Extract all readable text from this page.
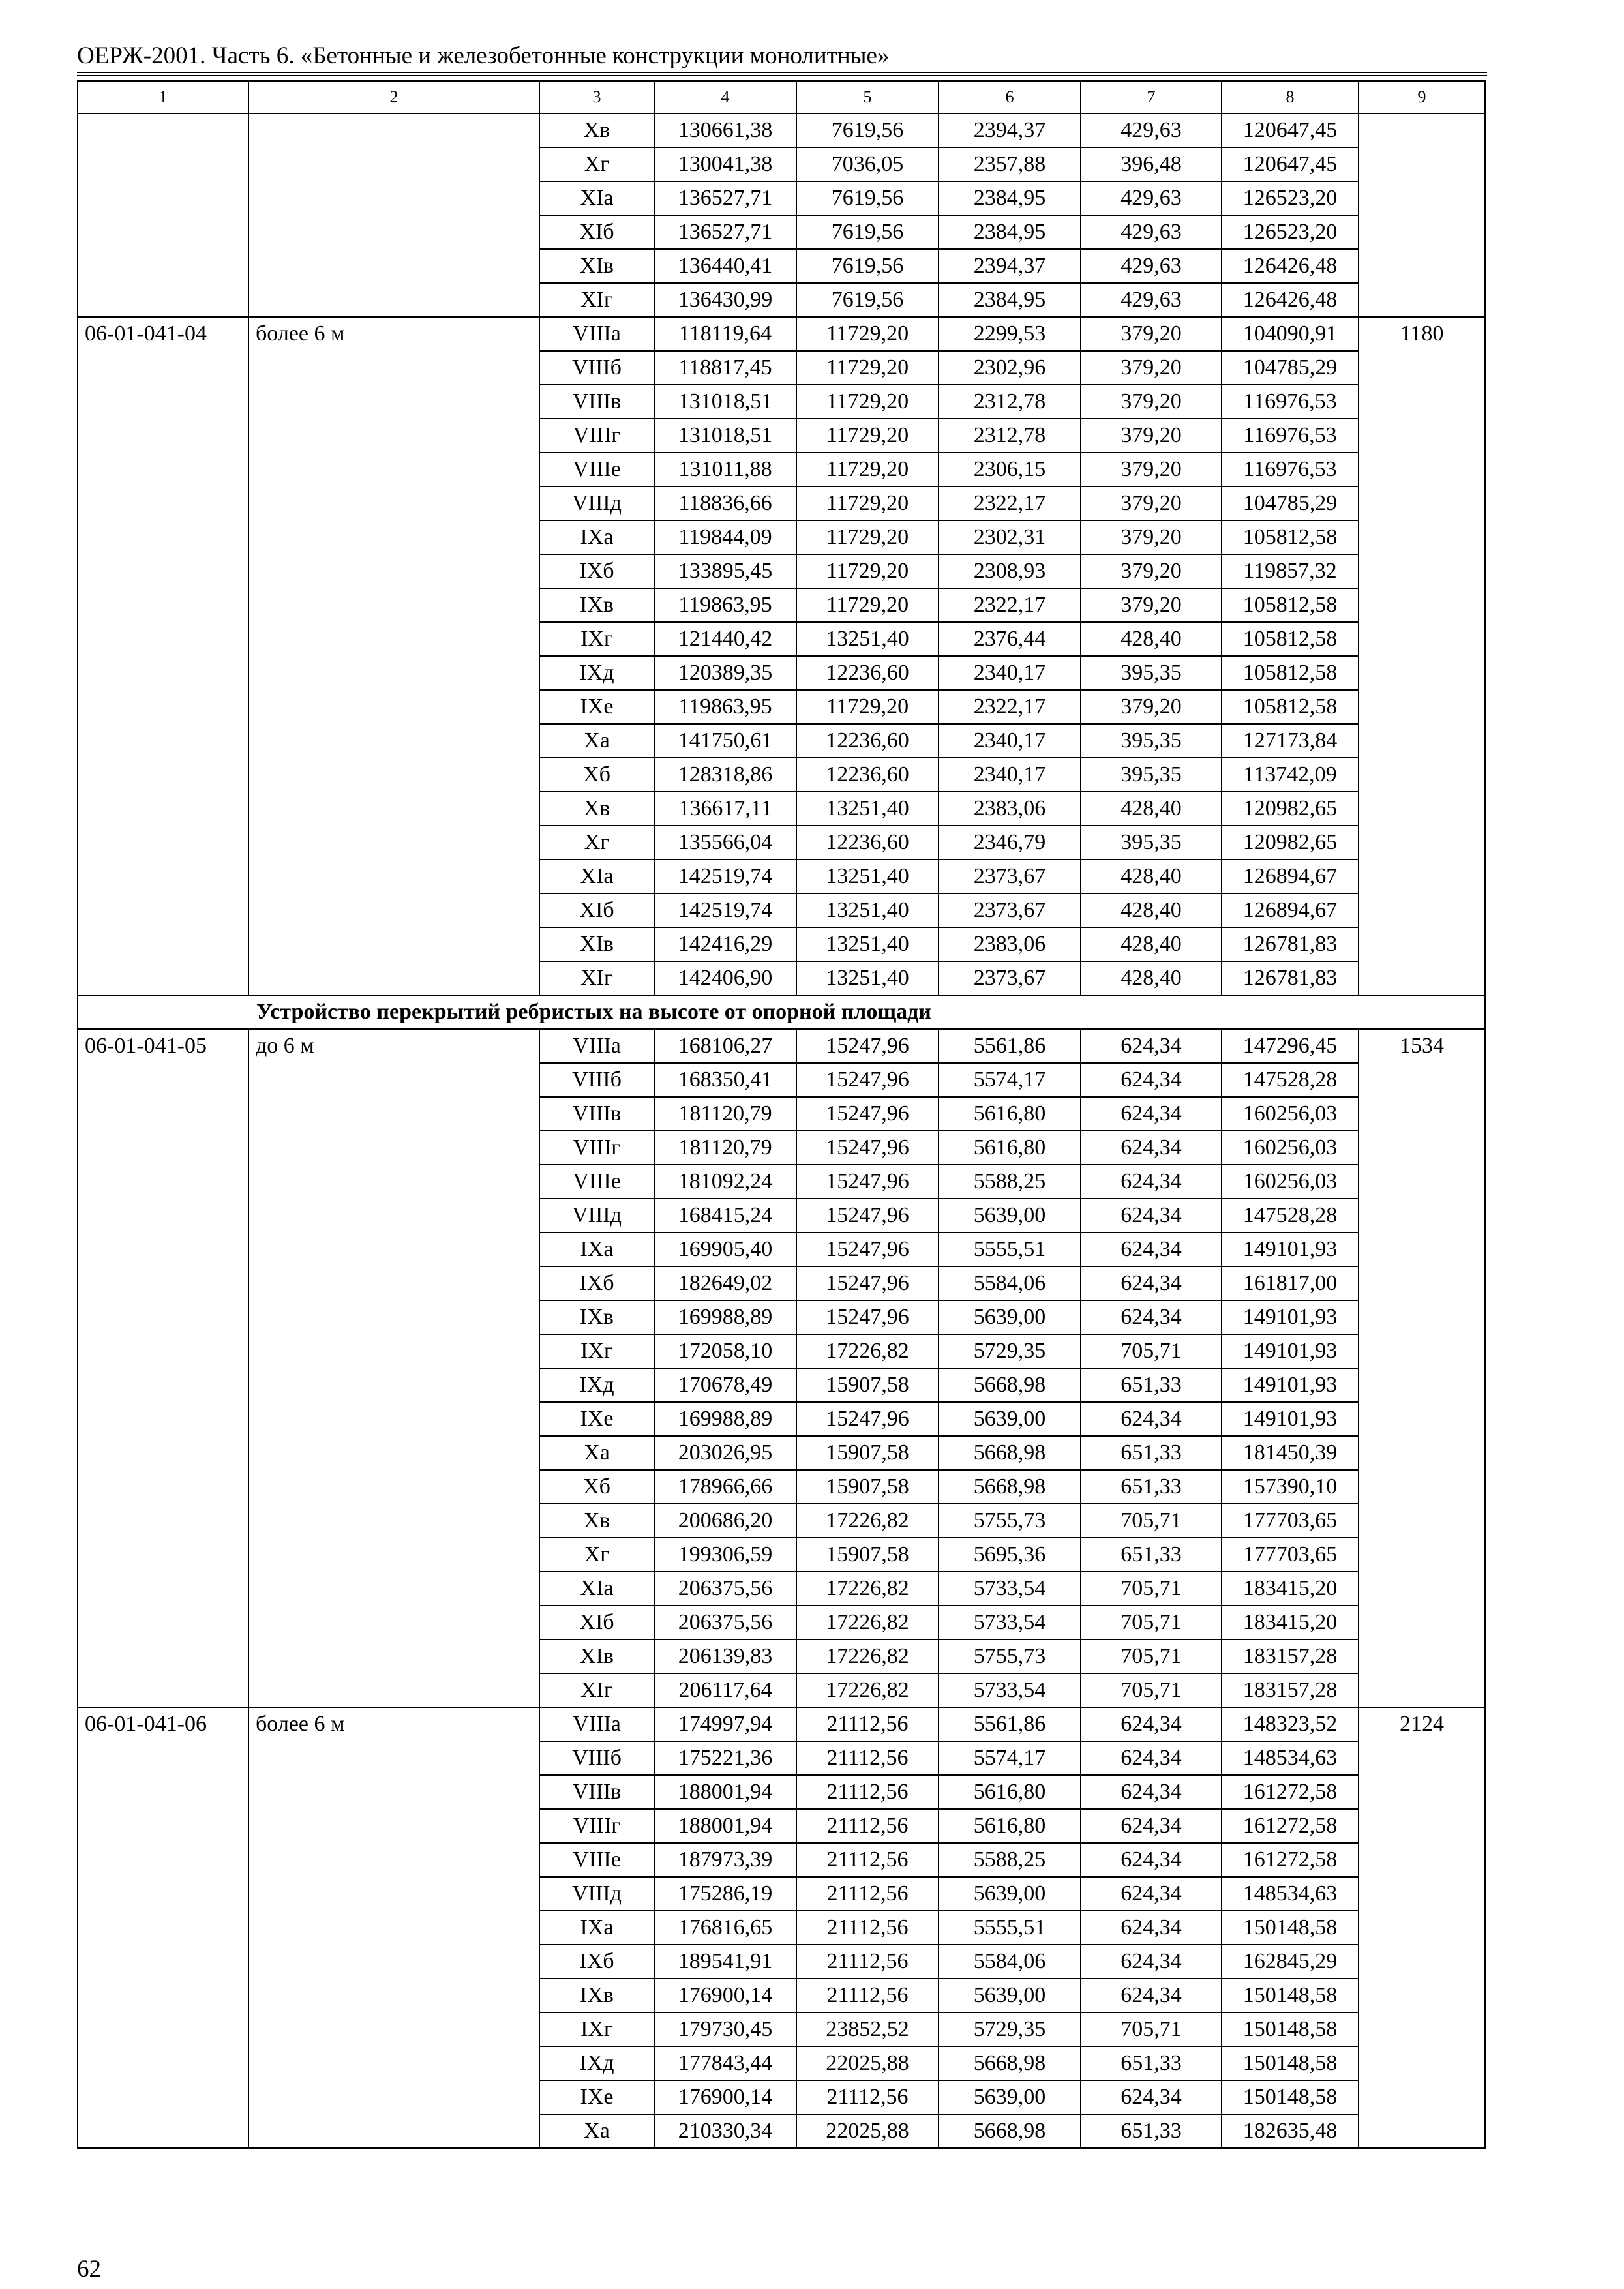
ОЕРЖ-2001. Часть 6. «Бетонные и железобетонные конструкции монолитные»
1	2	3	4	5	6	7	8	9
		Хв	130661,38	7619,56	2394,37	429,63	120647,45	
		Хг	130041,38	7036,05	2357,88	396,48	120647,45	
		ХIа	136527,71	7619,56	2384,95	429,63	126523,20	
		ХIб	136527,71	7619,56	2384,95	429,63	126523,20	
		ХIв	136440,41	7619,56	2394,37	429,63	126426,48	
		ХIг	136430,99	7619,56	2384,95	429,63	126426,48	
06-01-041-04	более 6 м	VIIIа	118119,64	11729,20	2299,53	379,20	104090,91	1180
		VIIIб	118817,45	11729,20	2302,96	379,20	104785,29	
		VIIIв	131018,51	11729,20	2312,78	379,20	116976,53	
		VIIIг	131018,51	11729,20	2312,78	379,20	116976,53	
		VIIIе	131011,88	11729,20	2306,15	379,20	116976,53	
		VIIIд	118836,66	11729,20	2322,17	379,20	104785,29	
		IХа	119844,09	11729,20	2302,31	379,20	105812,58	
		IХб	133895,45	11729,20	2308,93	379,20	119857,32	
		IХв	119863,95	11729,20	2322,17	379,20	105812,58	
		IХг	121440,42	13251,40	2376,44	428,40	105812,58	
		IХд	120389,35	12236,60	2340,17	395,35	105812,58	
		IХе	119863,95	11729,20	2322,17	379,20	105812,58	
		Ха	141750,61	12236,60	2340,17	395,35	127173,84	
		Хб	128318,86	12236,60	2340,17	395,35	113742,09	
		Хв	136617,11	13251,40	2383,06	428,40	120982,65	
		Хг	135566,04	12236,60	2346,79	395,35	120982,65	
		ХIа	142519,74	13251,40	2373,67	428,40	126894,67	
		ХIб	142519,74	13251,40	2373,67	428,40	126894,67	
		ХIв	142416,29	13251,40	2383,06	428,40	126781,83	
		ХIг	142406,90	13251,40	2373,67	428,40	126781,83	
Устройство перекрытий ребристых на высоте от опорной площади								
06-01-041-05	до 6 м	VIIIа	168106,27	15247,96	5561,86	624,34	147296,45	1534
		VIIIб	168350,41	15247,96	5574,17	624,34	147528,28	
		VIIIв	181120,79	15247,96	5616,80	624,34	160256,03	
		VIIIг	181120,79	15247,96	5616,80	624,34	160256,03	
		VIIIе	181092,24	15247,96	5588,25	624,34	160256,03	
		VIIIд	168415,24	15247,96	5639,00	624,34	147528,28	
		IХа	169905,40	15247,96	5555,51	624,34	149101,93	
		IХб	182649,02	15247,96	5584,06	624,34	161817,00	
		IХв	169988,89	15247,96	5639,00	624,34	149101,93	
		IХг	172058,10	17226,82	5729,35	705,71	149101,93	
		IХд	170678,49	15907,58	5668,98	651,33	149101,93	
		IХе	169988,89	15247,96	5639,00	624,34	149101,93	
		Ха	203026,95	15907,58	5668,98	651,33	181450,39	
		Хб	178966,66	15907,58	5668,98	651,33	157390,10	
		Хв	200686,20	17226,82	5755,73	705,71	177703,65	
		Хг	199306,59	15907,58	5695,36	651,33	177703,65	
		ХIа	206375,56	17226,82	5733,54	705,71	183415,20	
		ХIб	206375,56	17226,82	5733,54	705,71	183415,20	
		ХIв	206139,83	17226,82	5755,73	705,71	183157,28	
		ХIг	206117,64	17226,82	5733,54	705,71	183157,28	
06-01-041-06	более 6 м	VIIIа	174997,94	21112,56	5561,86	624,34	148323,52	2124
		VIIIб	175221,36	21112,56	5574,17	624,34	148534,63	
		VIIIв	188001,94	21112,56	5616,80	624,34	161272,58	
		VIIIг	188001,94	21112,56	5616,80	624,34	161272,58	
		VIIIе	187973,39	21112,56	5588,25	624,34	161272,58	
		VIIIд	175286,19	21112,56	5639,00	624,34	148534,63	
		IХа	176816,65	21112,56	5555,51	624,34	150148,58	
		IХб	189541,91	21112,56	5584,06	624,34	162845,29	
		IХв	176900,14	21112,56	5639,00	624,34	150148,58	
		IХг	179730,45	23852,52	5729,35	705,71	150148,58	
		IХд	177843,44	22025,88	5668,98	651,33	150148,58	
		IХе	176900,14	21112,56	5639,00	624,34	150148,58	
		Ха	210330,34	22025,88	5668,98	651,33	182635,48	
62
